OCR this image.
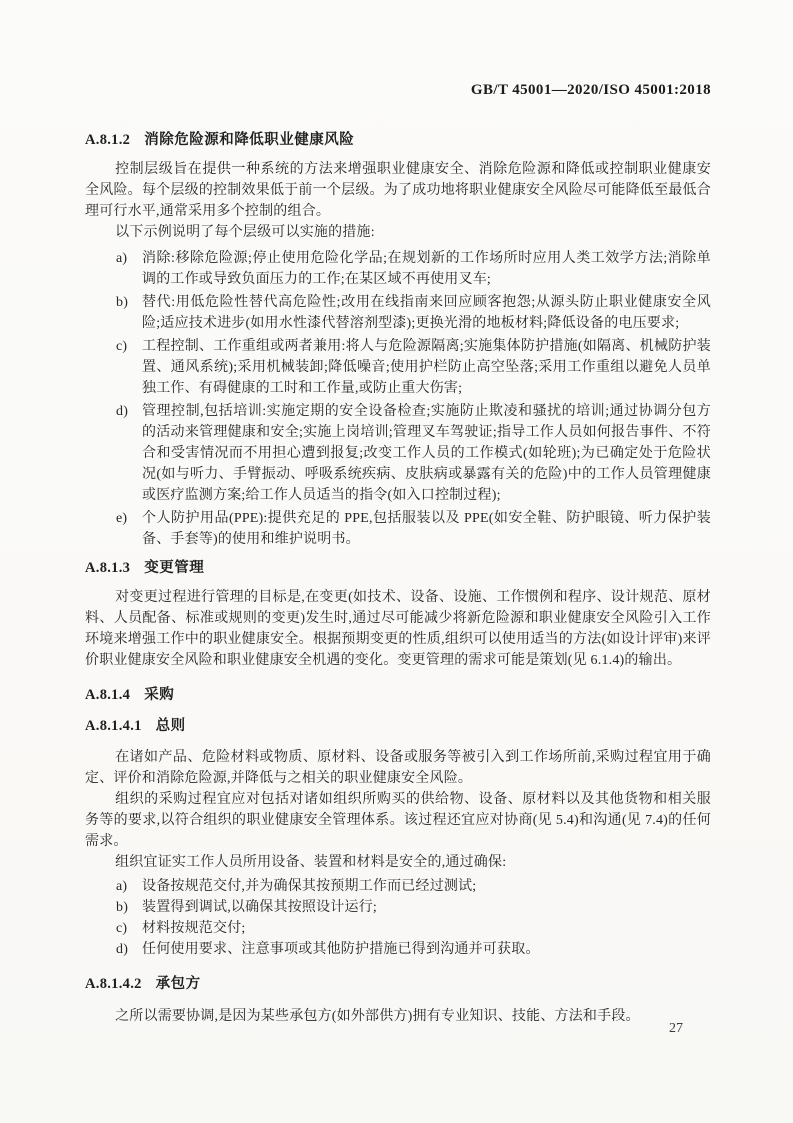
GB/T 45001—2020/ISO 45001:2018
A.8.1.2 消除危险源和降低职业健康风险

控制层级旨在提供一种系统的方法来增强职业健康安全、消除危险源和降低或控制职业健康安全风险。每个层级的控制效果低于前一个层级。为了成功地将职业健康安全风险尽可能降低至最低合理可行水平,通常采用多个控制的组合。

以下示例说明了每个层级可以实施的措施:

a) 消除:移除危险源;停止使用危险化学品;在规划新的工作场所时应用人类工效学方法;消除单调的工作或导致负面压力的工作;在某区域不再使用叉车;
b) 替代:用低危险性替代高危险性;改用在线指南来回应顾客抱怨;从源头防止职业健康安全风险;适应技术进步(如用水性漆代替溶剂型漆);更换光滑的地板材料;降低设备的电压要求;
c) 工程控制、工作重组或两者兼用:将人与危险源隔离;实施集体防护措施(如隔离、机械防护装置、通风系统);采用机械装卸;降低噪音;使用护栏防止高空坠落;采用工作重组以避免人员单独工作、有碍健康的工时和工作量,或防止重大伤害;
d) 管理控制,包括培训:实施定期的安全设备检查;实施防止欺凌和骚扰的培训;通过协调分包方的活动来管理健康和安全;实施上岗培训;管理叉车驾驶证;指导工作人员如何报告事件、不符合和受害情况而不用担心遭到报复;改变工作人员的工作模式(如轮班);为已确定处于危险状况(如与听力、手臂振动、呼吸系统疾病、皮肤病或暴露有关的危险)中的工作人员管理健康或医疗监测方案;给工作人员适当的指令(如入口控制过程);
e) 个人防护用品(PPE):提供充足的 PPE,包括服装以及 PPE(如安全鞋、防护眼镜、听力保护装备、手套等)的使用和维护说明书。
A.8.1.3 变更管理

对变更过程进行管理的目标是,在变更(如技术、设备、设施、工作惯例和程序、设计规范、原材料、人员配备、标准或规则的变更)发生时,通过尽可能减少将新危险源和职业健康安全风险引入工作环境来增强工作中的职业健康安全。根据预期变更的性质,组织可以使用适当的方法(如设计评审)来评价职业健康安全风险和职业健康安全机遇的变化。变更管理的需求可能是策划(见 6.1.4)的输出。

A.8.1.4 采购
A.8.1.4.1 总则

在诸如产品、危险材料或物质、原材料、设备或服务等被引入到工作场所前,采购过程宜用于确定、评价和消除危险源,并降低与之相关的职业健康安全风险。

组织的采购过程宜应对包括对诸如组织所购买的供给物、设备、原材料以及其他货物和相关服务等的要求,以符合组织的职业健康安全管理体系。该过程还宜应对协商(见 5.4)和沟通(见 7.4)的任何需求。

组织宜证实工作人员所用设备、装置和材料是安全的,通过确保:

a) 设备按规范交付,并为确保其按预期工作而已经过测试;
b) 装置得到调试,以确保其按照设计运行;
c) 材料按规范交付;
d) 任何使用要求、注意事项或其他防护措施已得到沟通并可获取。
A.8.1.4.2 承包方

之所以需要协调,是因为某些承包方(如外部供方)拥有专业知识、技能、方法和手段。

27
